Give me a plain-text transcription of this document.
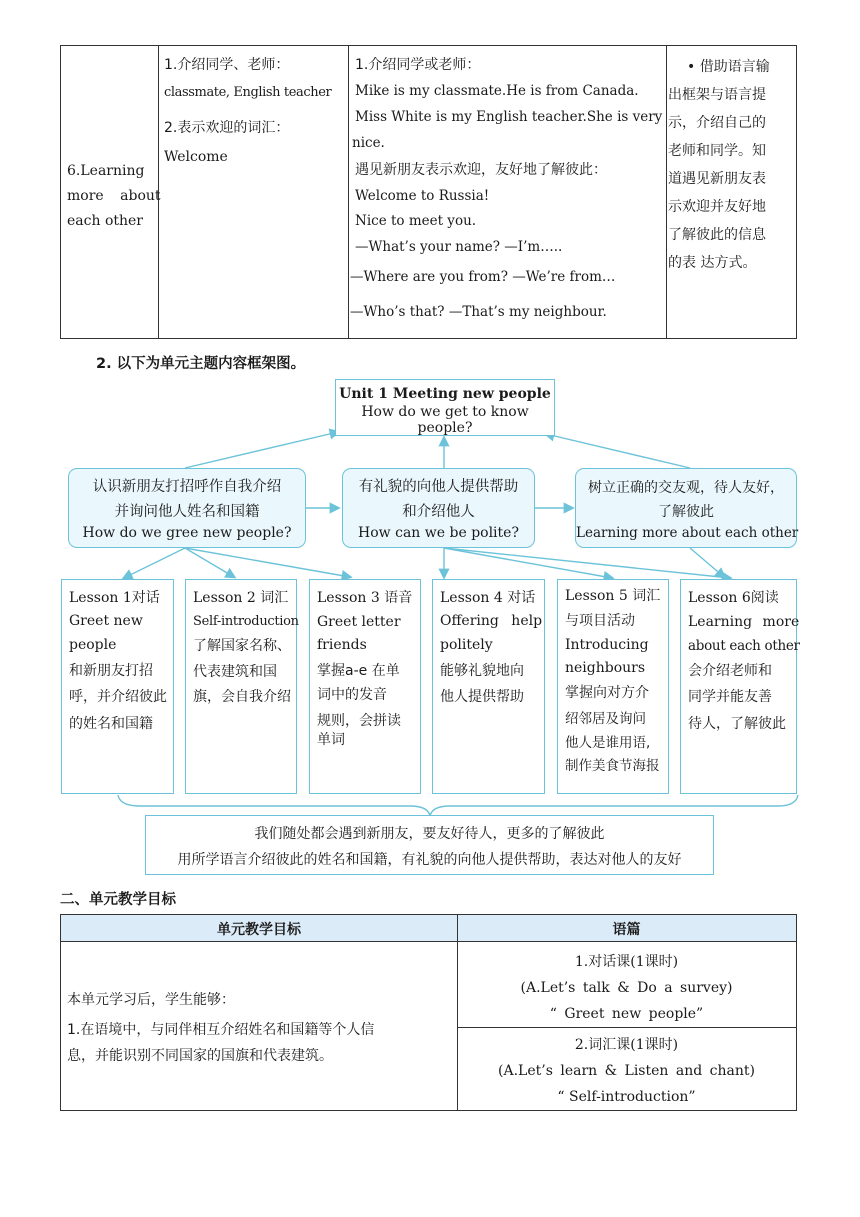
6.Learning
more about
each other
1.介绍同学、老师：
classmate, English teacher
2.表示欢迎的词汇：
Welcome
1.介绍同学或老师：
Mike is my classmate.He is from Canada.
Miss White is my English teacher.She is very
nice.
遇见新朋友表示欢迎，友好地了解彼此：
Welcome to Russia!
Nice to meet you.
—What’s your name? —I’m…..
—Where are you from? —We’re from…
—Who’s that? —That’s my neighbour.
• 借助语言输
出框架与语言提
示，介绍自己的
老师和同学。知
道遇见新朋友表
示欢迎并友好地
了解彼此的信息
的表 达方式。
2. 以下为单元主题内容框架图。
Unit 1 Meeting new people
How do we get to know people?
认识新朋友打招呼作自我介绍
并询问他人姓名和国籍
How do we gree new people?
有礼貌的向他人提供帮助
和介绍他人
How can we be polite?
树立正确的交友观，待人友好，
了解彼此
Learning more about each other
Lesson 1对话
Greet new
people
和新朋友打招
呼，并介绍彼此
的姓名和国籍
Lesson 2 词汇
Self-introduction
了解国家名称、
代表建筑和国
旗，会自我介绍
Lesson 3 语音
Greet letter
friends
掌握a-e 在单
词中的发音
规则，会拼读
单词
Lesson 4 对话
Offering help
politely
能够礼貌地向
他人提供帮助
Lesson 5 词汇
与项目活动
Introducing
neighbours
掌握向对方介
绍邻居及询问
他人是谁用语,
制作美食节海报
Lesson 6阅读
Learning more
about each other
会介绍老师和
同学并能友善
待人，了解彼此
我们随处都会遇到新朋友，要友好待人，更多的了解彼此
用所学语言介绍彼此的姓名和国籍，有礼貌的向他人提供帮助，表达对他人的友好
二、单元教学目标
单元教学目标	语篇
本单元学习后，学生能够：
1.在语境中，与同伴相互介绍姓名和国籍等个人信
息，并能识别不同国家的国旗和代表建筑。
1.对话课(1课时)
(A.Let’s talk & Do a survey)
“ Greet new people”
2.词汇课(1课时)
(A.Let’s learn & Listen and chant)
“ Self-introduction”
